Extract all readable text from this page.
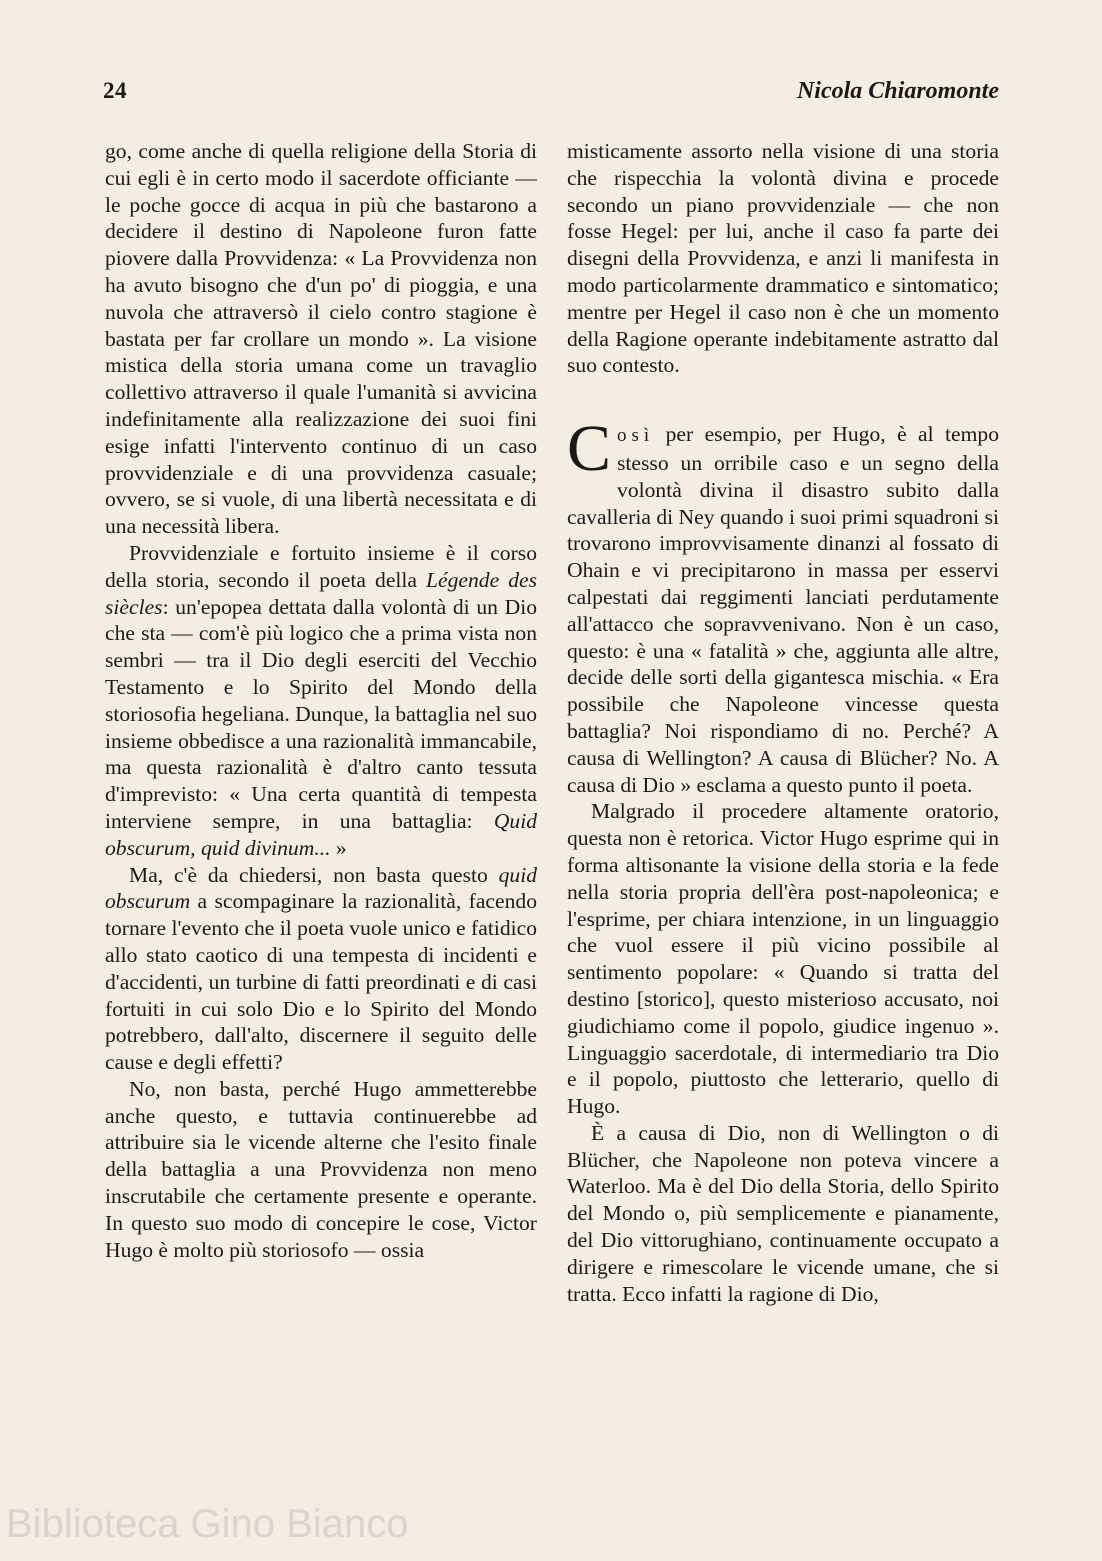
24	Nicola Chiaromonte

go, come anche di quella religione della Storia di cui egli è in certo modo il sacerdote officiante — le poche gocce di acqua in più che bastarono a decidere il destino di Napoleone furon fatte piovere dalla Provvidenza: « La Provvidenza non ha avuto bisogno che d'un po' di pioggia, e una nuvola che attraversò il cielo contro stagione è bastata per far crollare un mondo ». La visione mistica della storia umana come un travaglio collettivo attraverso il quale l'umanità si avvicina indefinitamente alla realizzazione dei suoi fini esige infatti l'intervento continuo di un caso provvidenziale e di una provvidenza casuale; ovvero, se si vuole, di una libertà necessitata e di una necessità libera.

Provvidenziale e fortuito insieme è il corso della storia, secondo il poeta della Légende des siècles: un'epopea dettata dalla volontà di un Dio che sta — com'è più logico che a prima vista non sembri — tra il Dio degli eserciti del Vecchio Testamento e lo Spirito del Mondo della storiosofia hegeliana. Dunque, la battaglia nel suo insieme obbedisce a una razionalità immancabile, ma questa razionalità è d'altro canto tessuta d'imprevisto: « Una certa quantità di tempesta interviene sempre, in una battaglia: Quid obscurum, quid divinum... »

Ma, c'è da chiedersi, non basta questo quid obscurum a scompaginare la razionalità, facendo tornare l'evento che il poeta vuole unico e fatidico allo stato caotico di una tempesta di incidenti e d'accidenti, un turbine di fatti preordinati e di casi fortuiti in cui solo Dio e lo Spirito del Mondo potrebbero, dall'alto, discernere il seguito delle cause e degli effetti?

No, non basta, perché Hugo ammetterebbe anche questo, e tuttavia continuerebbe ad attribuire sia le vicende alterne che l'esito finale della battaglia a una Provvidenza non meno inscrutabile che certamente presente e operante. In questo suo modo di concepire le cose, Victor Hugo è molto più storiosofo — ossia

misticamente assorto nella visione di una storia che rispecchia la volontà divina e procede secondo un piano provvidenziale — che non fosse Hegel: per lui, anche il caso fa parte dei disegni della Provvidenza, e anzi li manifesta in modo particolarmente drammatico e sintomatico; mentre per Hegel il caso non è che un momento della Ragione operante indebitamente astratto dal suo contesto.

Così per esempio, per Hugo, è al tempo stesso un orribile caso e un segno della volontà divina il disastro subito dalla cavalleria di Ney quando i suoi primi squadroni si trovarono improvvisamente dinanzi al fossato di Ohain e vi precipitarono in massa per esservi calpestati dai reggimenti lanciati perdutamente all'attacco che sopravvenivano. Non è un caso, questo: è una « fatalità » che, aggiunta alle altre, decide delle sorti della gigantesca mischia. « Era possibile che Napoleone vincesse questa battaglia? Noi rispondiamo di no. Perché? A causa di Wellington? A causa di Blücher? No. A causa di Dio » esclama a questo punto il poeta.

Malgrado il procedere altamente oratorio, questa non è retorica. Victor Hugo esprime qui in forma altisonante la visione della storia e la fede nella storia propria dell'èra post-napoleonica; e l'esprime, per chiara intenzione, in un linguaggio che vuol essere il più vicino possibile al sentimento popolare: « Quando si tratta del destino [storico], questo misterioso accusato, noi giudichiamo come il popolo, giudice ingenuo ». Linguaggio sacerdotale, di intermediario tra Dio e il popolo, piuttosto che letterario, quello di Hugo.

È a causa di Dio, non di Wellington o di Blücher, che Napoleone non poteva vincere a Waterloo. Ma è del Dio della Storia, dello Spirito del Mondo o, più semplicemente e pianamente, del Dio vittorughiano, continuamente occupato a dirigere e rimescolare le vicende umane, che si tratta. Ecco infatti la ragione di Dio,

Biblioteca Gino Bianco
